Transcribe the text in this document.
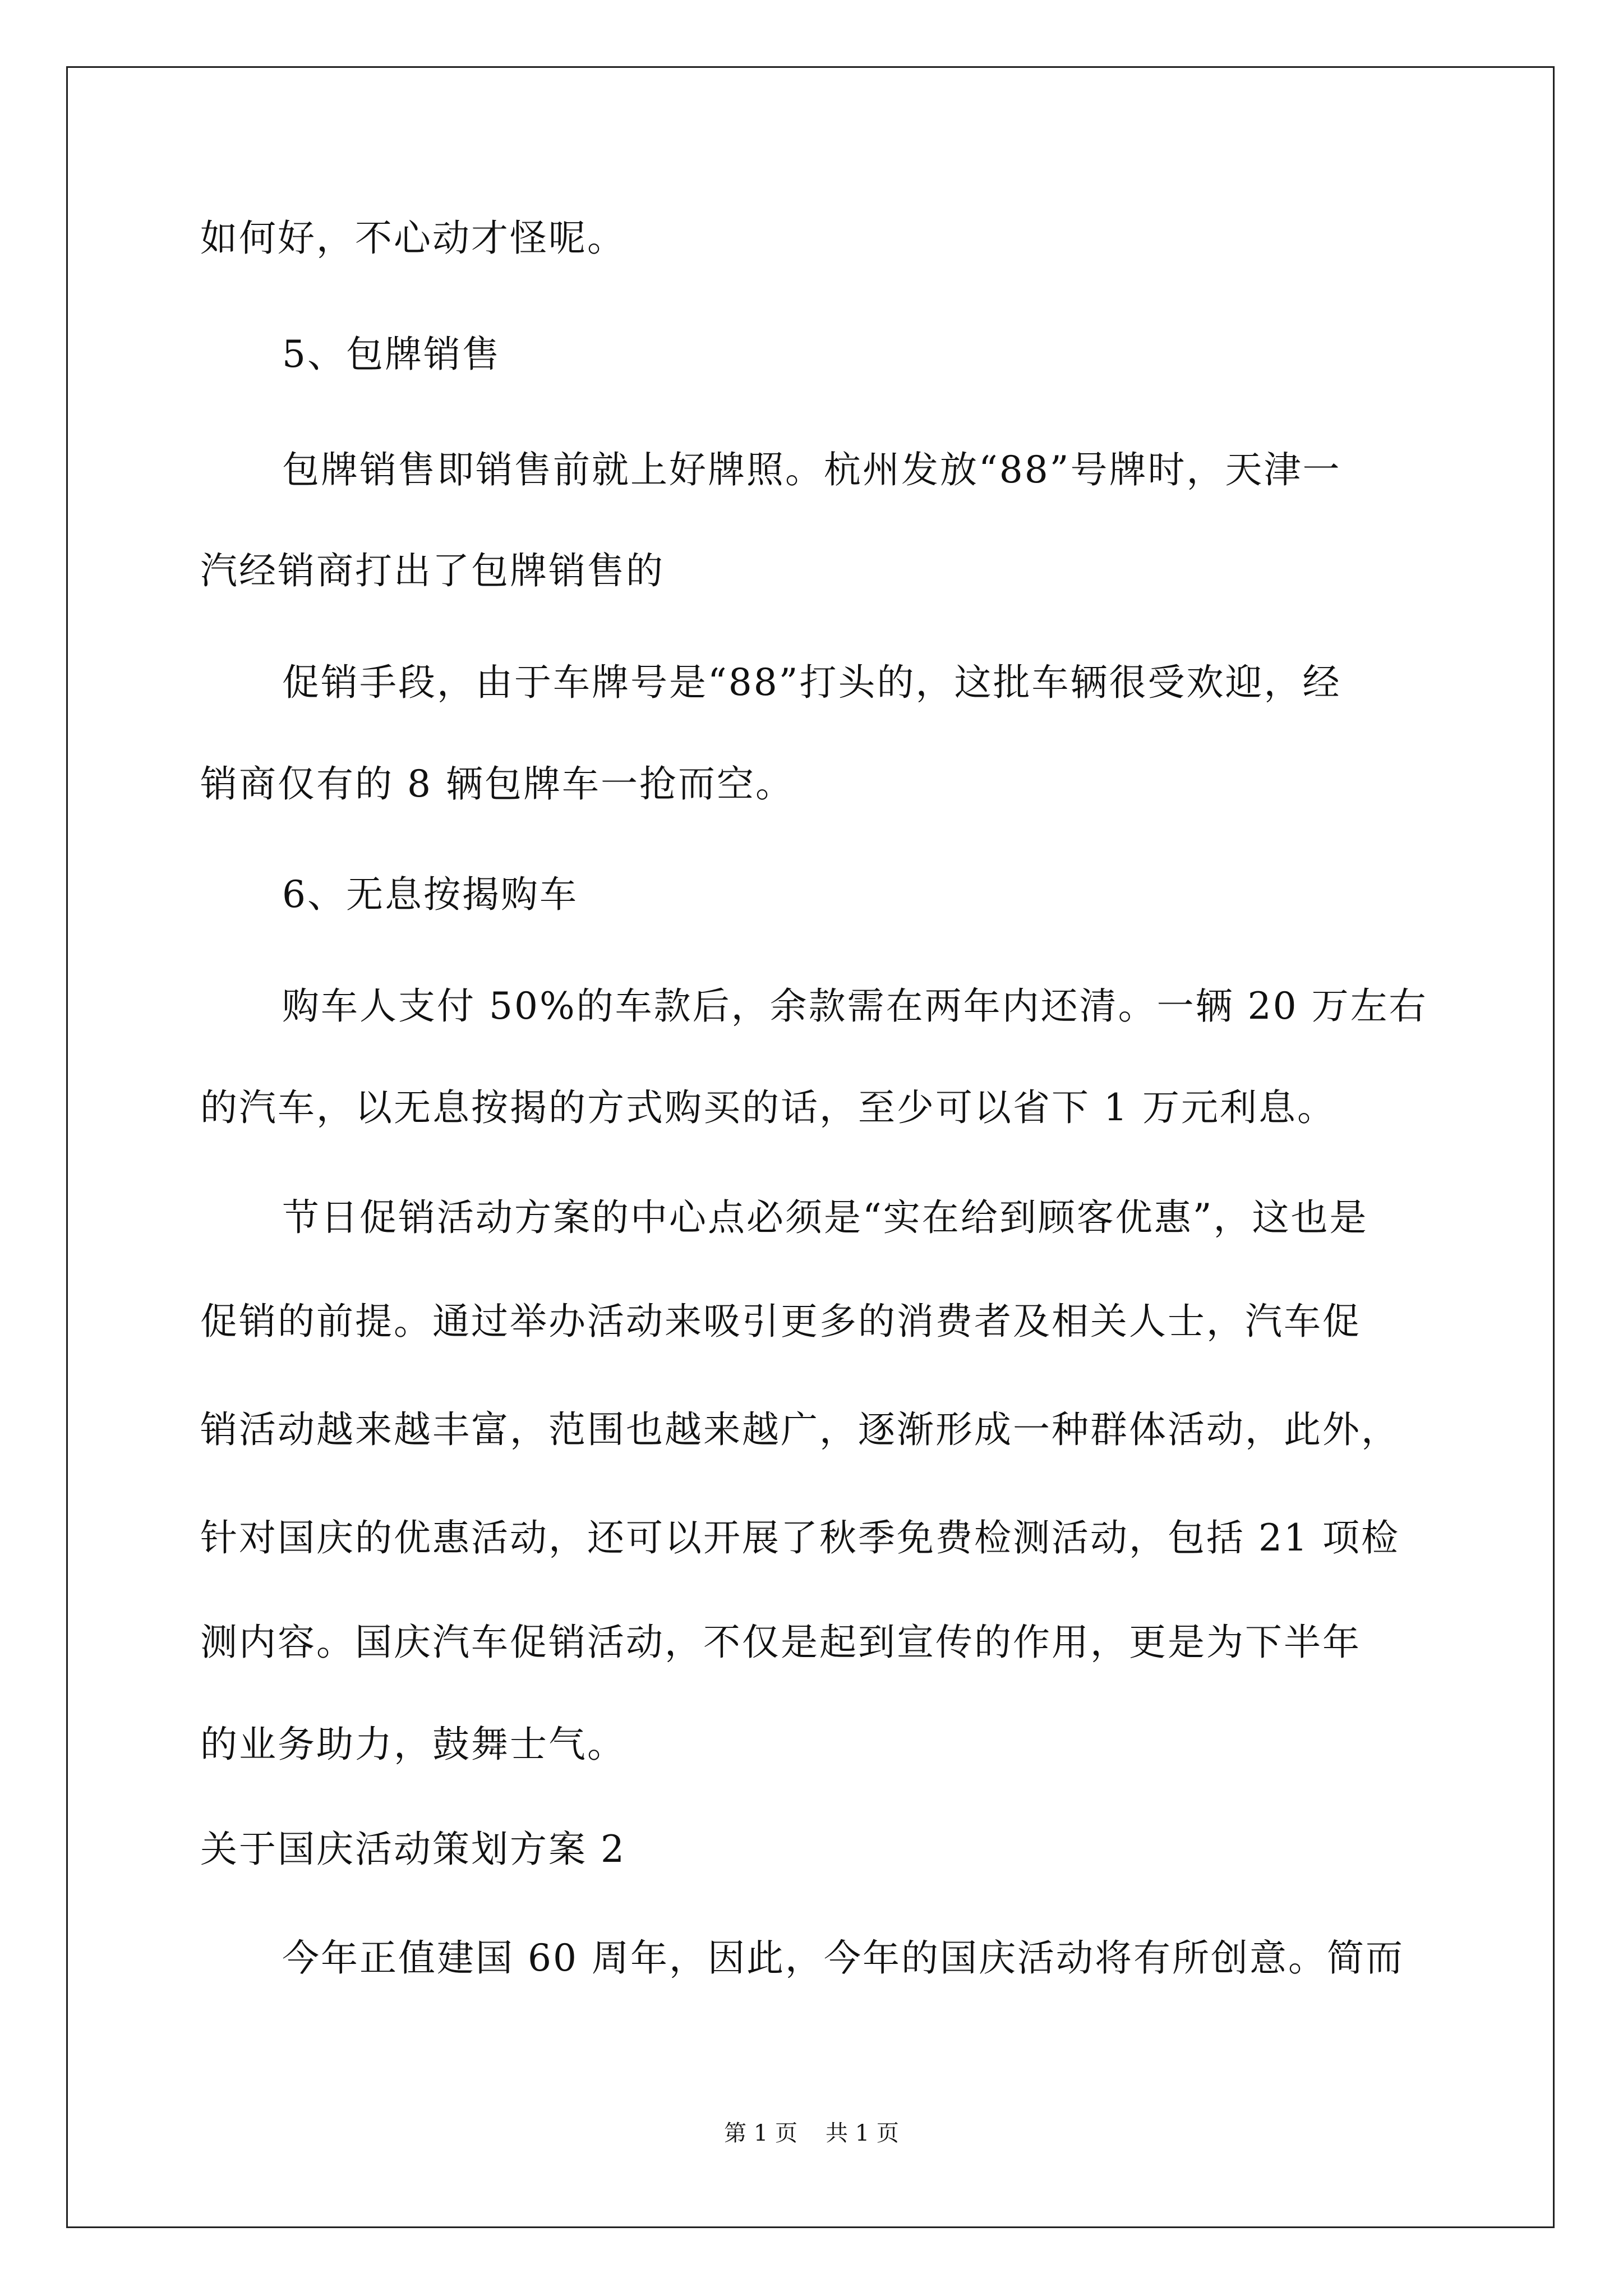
如何好，不心动才怪呢。
5、包牌销售
包牌销售即销售前就上好牌照。杭州发放“88”号牌时，天津一
汽经销商打出了包牌销售的
促销手段，由于车牌号是“88”打头的，这批车辆很受欢迎，经
销商仅有的 8 辆包牌车一抢而空。
6、无息按揭购车
购车人支付 50%的车款后，余款需在两年内还清。一辆 20 万左右
的汽车，以无息按揭的方式购买的话，至少可以省下 1 万元利息。
节日促销活动方案的中心点必须是“实在给到顾客优惠”，这也是
促销的前提。通过举办活动来吸引更多的消费者及相关人士，汽车促
销活动越来越丰富，范围也越来越广，逐渐形成一种群体活动，此外，
针对国庆的优惠活动，还可以开展了秋季免费检测活动，包括 21 项检
测内容。国庆汽车促销活动，不仅是起到宣传的作用，更是为下半年
的业务助力，鼓舞士气。
关于国庆活动策划方案 2
今年正值建国 60 周年，因此，今年的国庆活动将有所创意。简而
第 1 页 共 1 页
